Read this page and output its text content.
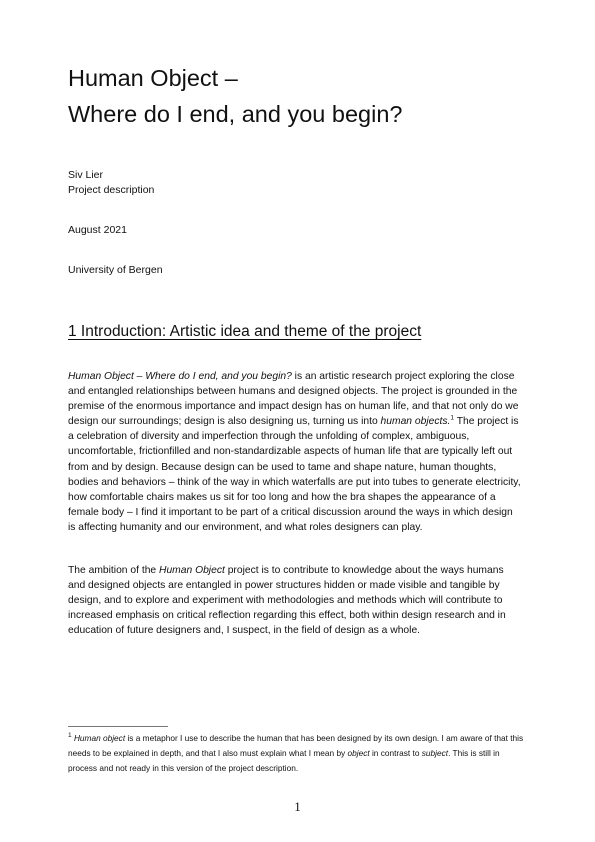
Human Object –
Where do I end, and you begin?
Siv Lier
Project description
August 2021
University of Bergen
1 Introduction: Artistic idea and theme of the project

Human Object – Where do I end, and you begin? is an artistic research project exploring the close and entangled relationships between humans and designed objects. The project is grounded in the premise of the enormous importance and impact design has on human life, and that not only do we design our surroundings; design is also designing us, turning us into human objects.$^1$ The project is a celebration of diversity and imperfection through the unfolding of complex, ambiguous, uncomfortable, frictionfilled and non-standardizable aspects of human life that are typically left out from and by design. Because design can be used to tame and shape nature, human thoughts, bodies and behaviors – think of the way in which waterfalls are put into tubes to generate electricity, how comfortable chairs makes us sit for too long and how the bra shapes the appearance of a female body – I find it important to be part of a critical discussion around the ways in which design is affecting humanity and our environment, and what roles designers can play.

The ambition of the Human Object project is to contribute to knowledge about the ways humans and designed objects are entangled in power structures hidden or made visible and tangible by design, and to explore and experiment with methodologies and methods which will contribute to increased emphasis on critical reflection regarding this effect, both within design research and in education of future designers and, I suspect, in the field of design as a whole.

$^1$ Human object is a metaphor I use to describe the human that has been designed by its own design. I am aware of that this needs to be explained in depth, and that I also must explain what I mean by object in contrast to subject. This is still in process and not ready in this version of the project description.

1
